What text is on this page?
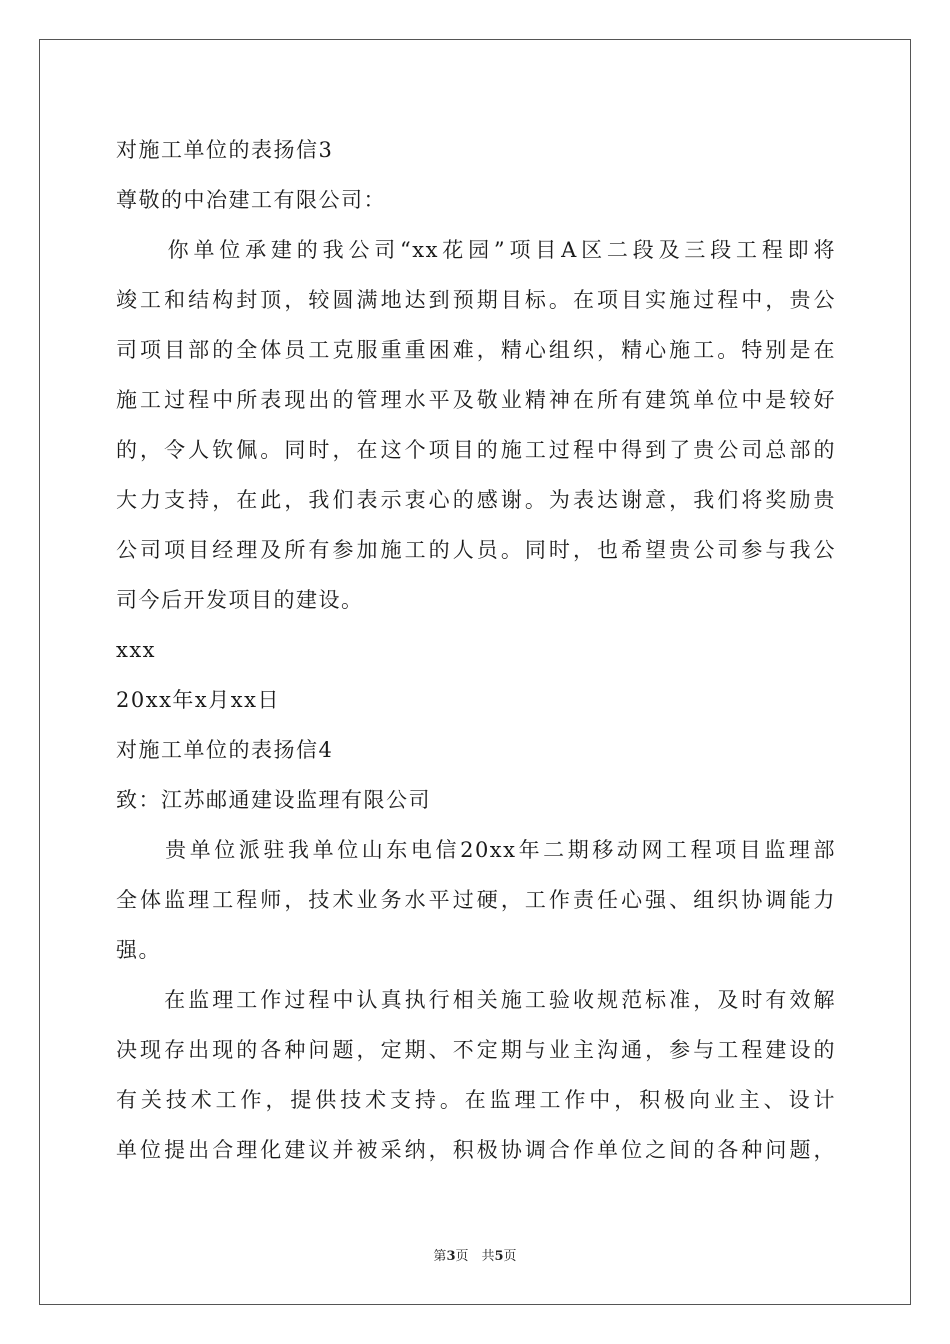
对施工单位的表扬信3
尊敬的中冶建工有限公司：
　　你单位承建的我公司“xx花园”项目A区二段及三段工程即将
竣工和结构封顶，较圆满地达到预期目标。在项目实施过程中，贵公
司项目部的全体员工克服重重困难，精心组织，精心施工。特别是在
施工过程中所表现出的管理水平及敬业精神在所有建筑单位中是较好
的，令人钦佩。同时，在这个项目的施工过程中得到了贵公司总部的
大力支持，在此，我们表示衷心的感谢。为表达谢意，我们将奖励贵
公司项目经理及所有参加施工的人员。同时，也希望贵公司参与我公
司今后开发项目的建设。
xxx
20xx年x月xx日
对施工单位的表扬信4
致：江苏邮通建设监理有限公司
　　贵单位派驻我单位山东电信20xx年二期移动网工程项目监理部
全体监理工程师，技术业务水平过硬，工作责任心强、组织协调能力
强。
　　在监理工作过程中认真执行相关施工验收规范标准，及时有效解
决现存出现的各种问题，定期、不定期与业主沟通，参与工程建设的
有关技术工作，提供技术支持。在监理工作中，积极向业主、设计
单位提出合理化建议并被采纳，积极协调合作单位之间的各种问题，
第3页　共5页
